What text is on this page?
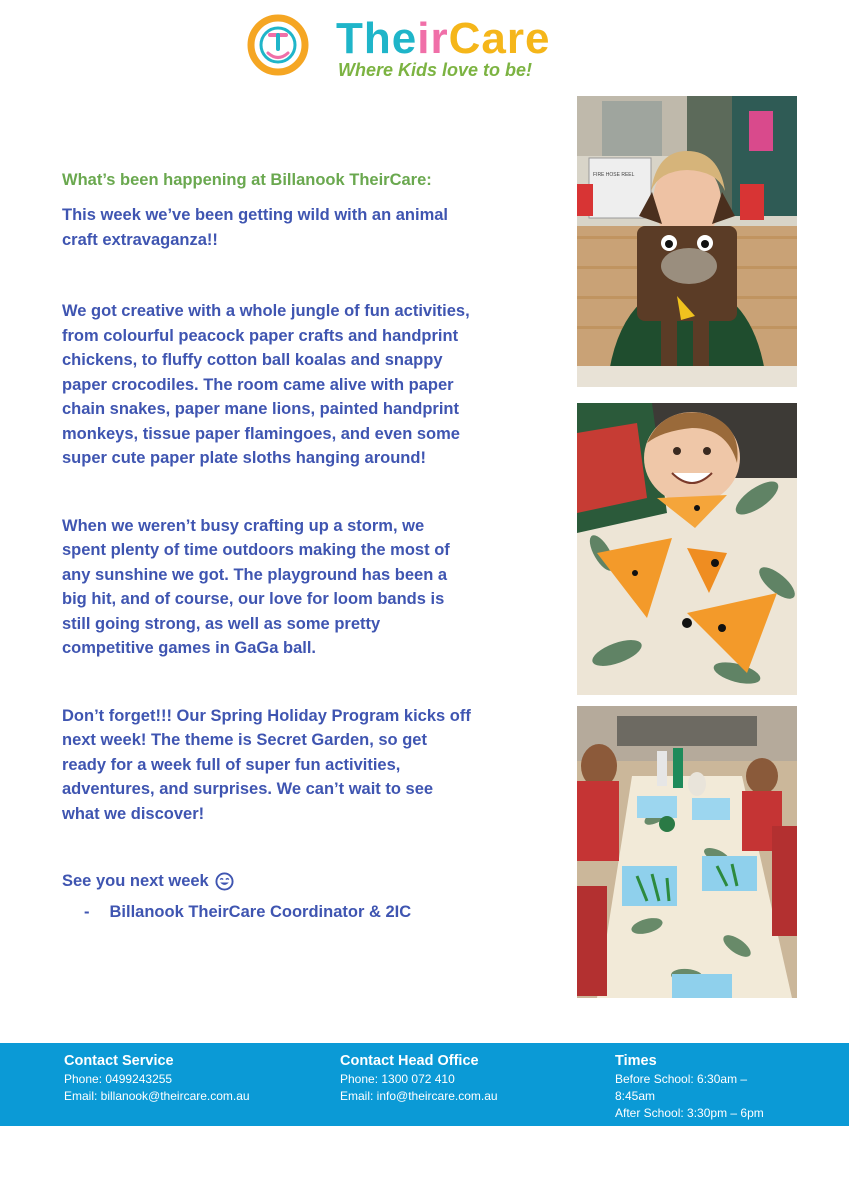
TheirCare
Where Kids love to be!

What’s been happening at Billanook TheirCare:

This week we’ve been getting wild with an animal craft extravaganza!!

We got creative with a whole jungle of fun activities, from colourful peacock paper crafts and handprint chickens, to fluffy cotton ball koalas and snappy paper crocodiles. The room came alive with paper chain snakes, paper mane lions, painted handprint monkeys, tissue paper flamingoes, and even some super cute paper plate sloths hanging around!

When we weren’t busy crafting up a storm, we spent plenty of time outdoors making the most of any sunshine we got. The playground has been a big hit, and of course, our love for loom bands is still going strong, as well as some pretty competitive games in GaGa ball.

Don’t forget!!! Our Spring Holiday Program kicks off next week! The theme is Secret Garden, so get ready for a week full of super fun activities, adventures, and surprises. We can’t wait to see what we discover!

See you next week
- Billanook TheirCare Coordinator & 2IC
FIRE HOSE REEL
Contact Service
Phone: 0499243255
Email: billanook@theircare.com.au
Contact Head Office
Phone: 1300 072 410
Email: info@theircare.com.au
Times
Before School: 6:30am –
8:45am
After School: 3:30pm – 6pm
